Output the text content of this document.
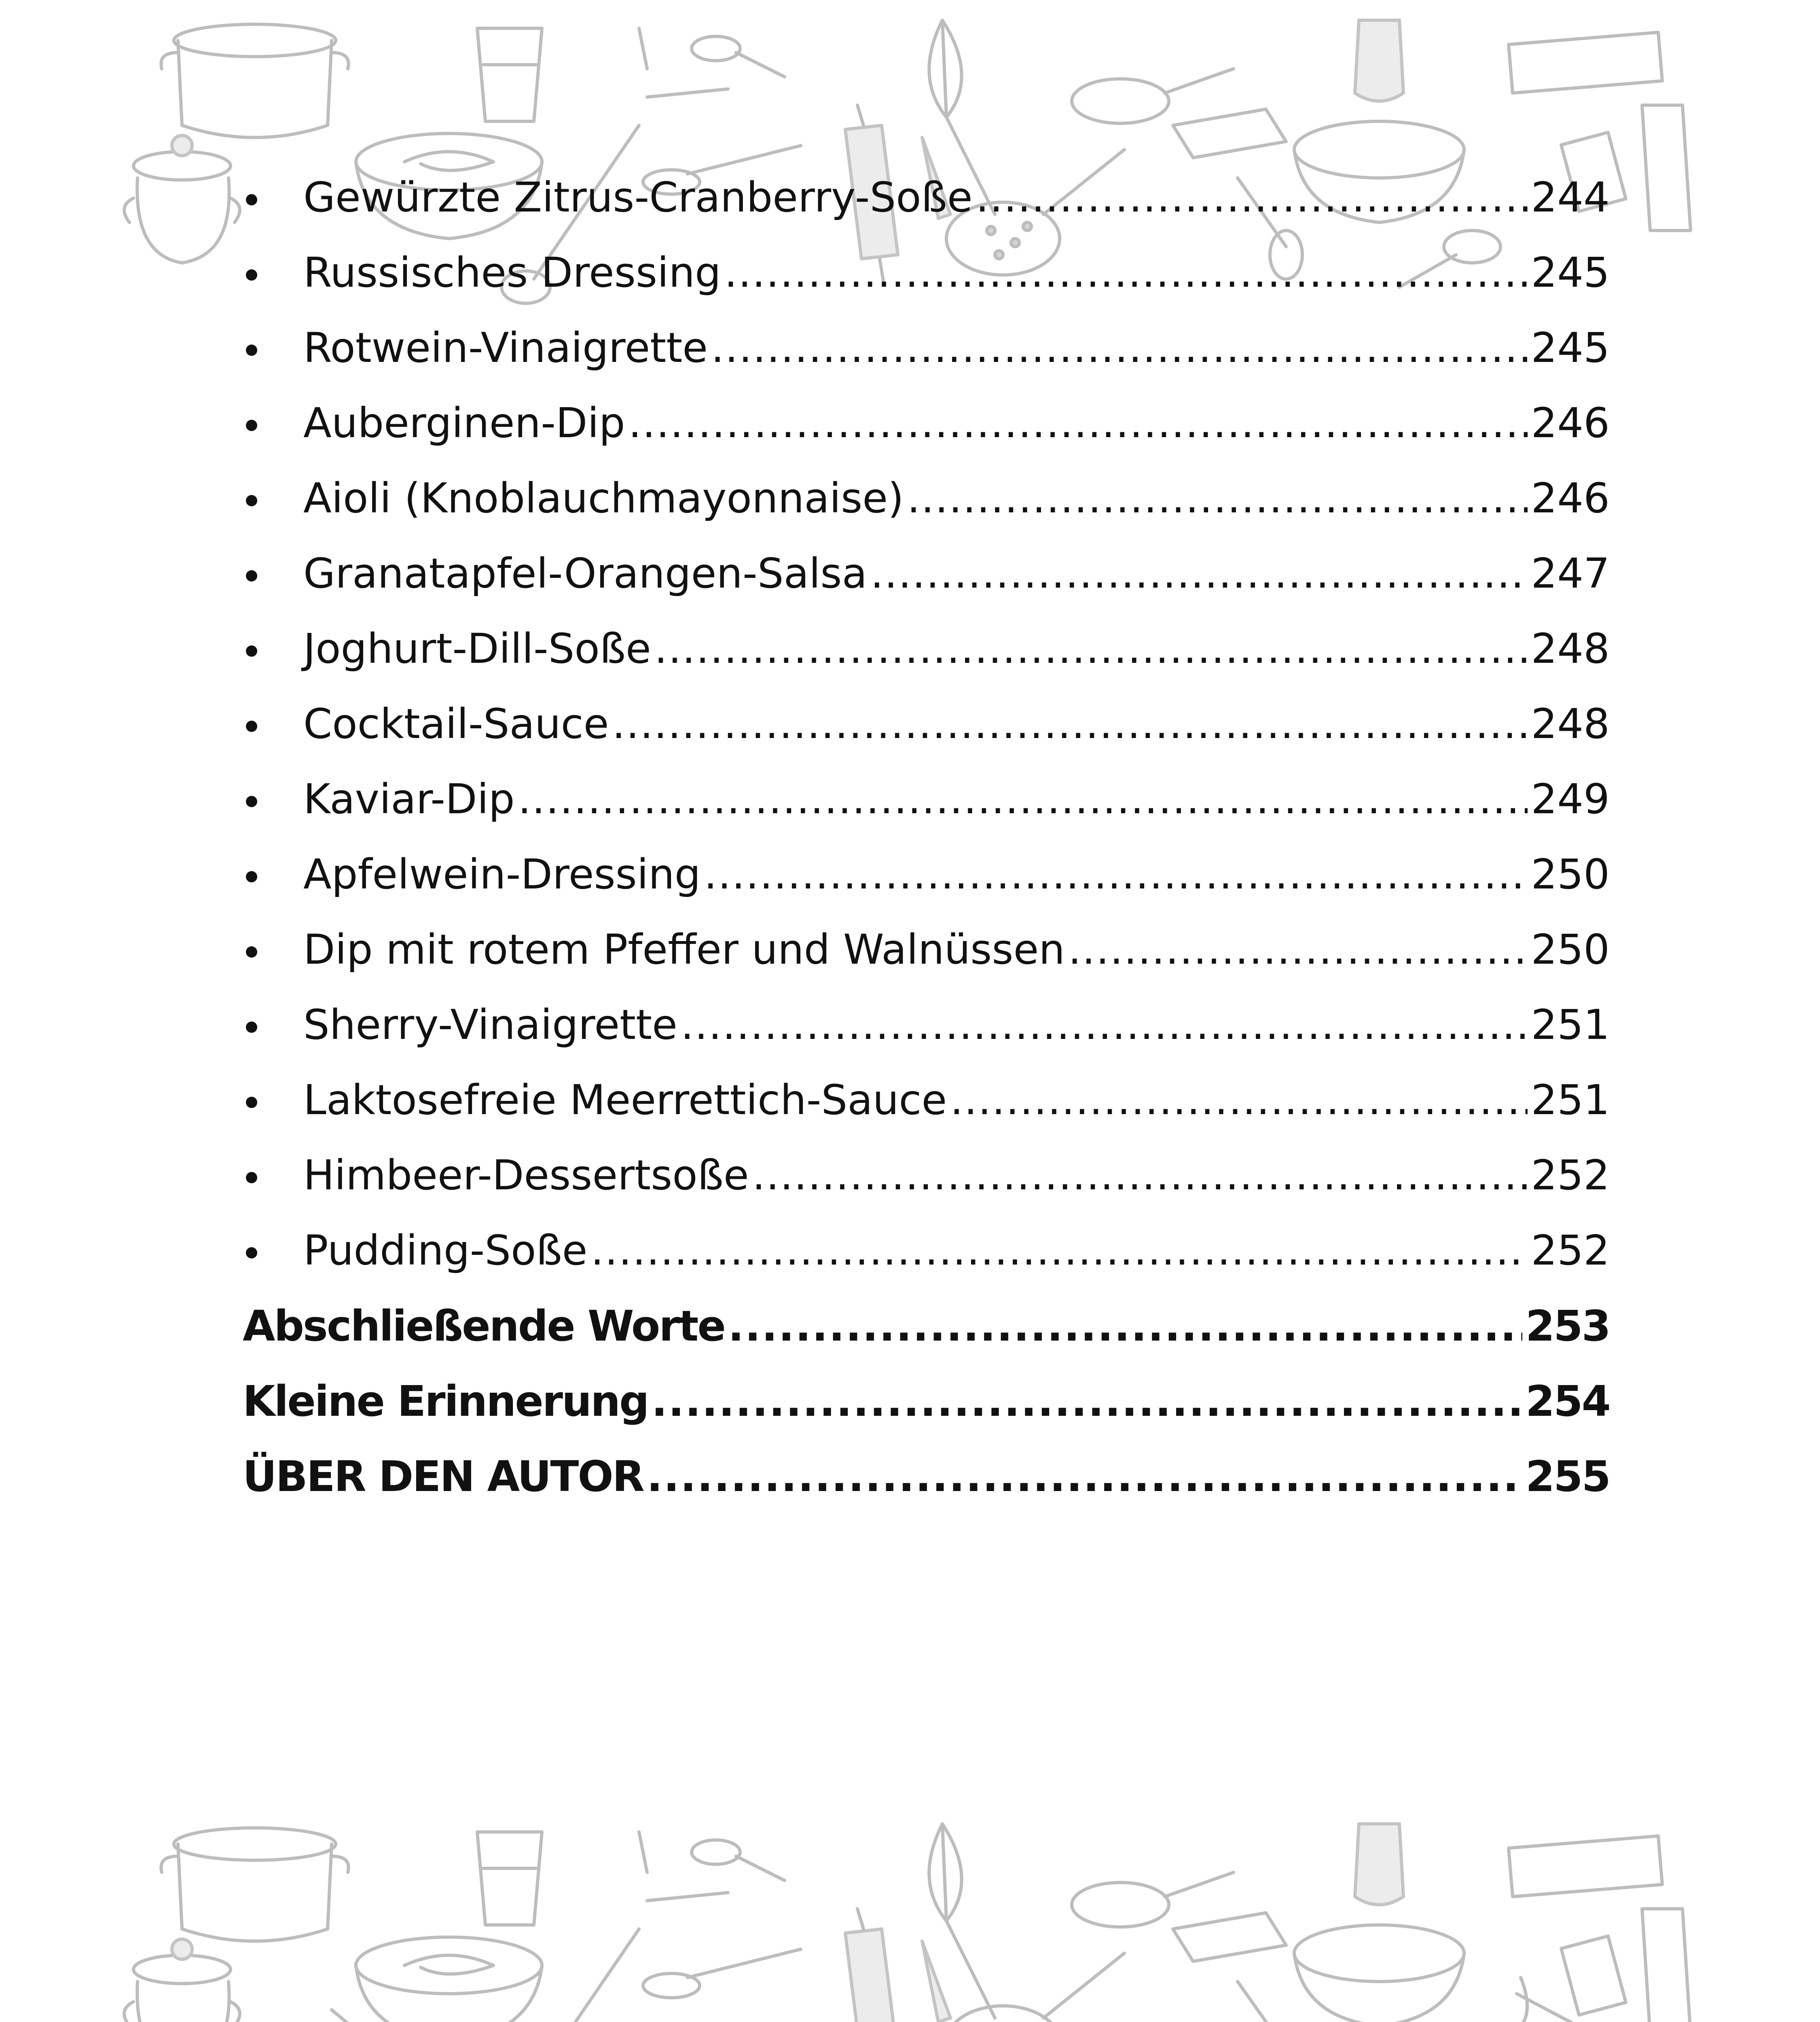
Gewürzte Zitrus-Cranberry-Soße .....	244
Russisches Dressing .....	245
Rotwein-Vinaigrette .....	245
Auberginen-Dip .....	246
Aioli (Knoblauchmayonnaise) .....	246
Granatapfel-Orangen-Salsa .....	247
Joghurt-Dill-Soße .....	248
Cocktail-Sauce .....	248
Kaviar-Dip .....	249
Apfelwein-Dressing .....	250
Dip mit rotem Pfeffer und Walnüssen .....	250
Sherry-Vinaigrette .....	251
Laktosefreie Meerrettich-Sauce .....	251
Himbeer-Dessertsoße .....	252
Pudding-Soße .....	252
Abschließende Worte .....	253
Kleine Erinnerung .....	254
ÜBER DEN AUTOR .....	255
